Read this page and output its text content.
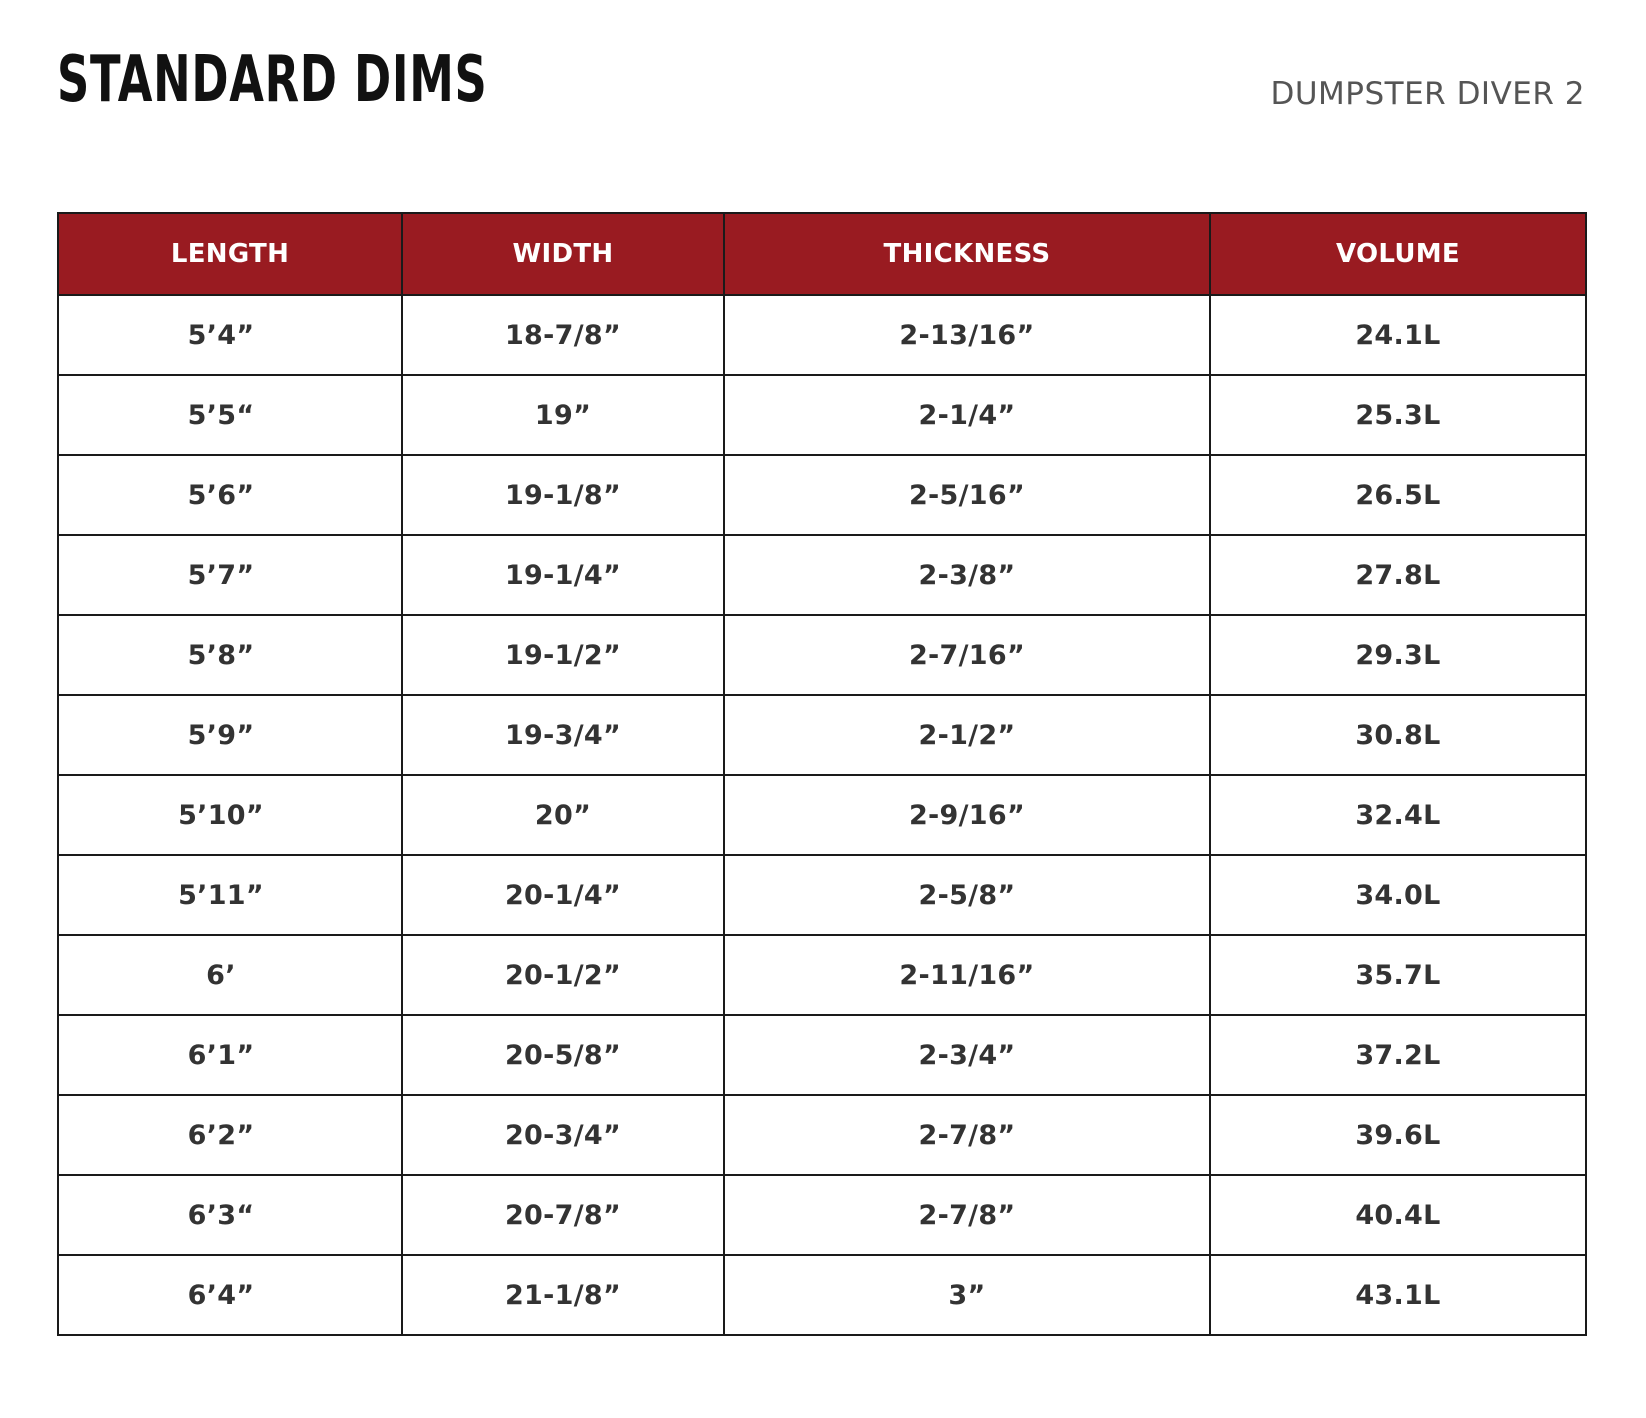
STANDARD DIMS	DUMPSTER DIVER 2
LENGTH	WIDTH	THICKNESS	VOLUME
5’4”	18-7/8”	2-13/16”	24.1L
5’5“	19”	2-1/4”	25.3L
5’6”	19-1/8”	2-5/16”	26.5L
5’7”	19-1/4”	2-3/8”	27.8L
5’8”	19-1/2”	2-7/16”	29.3L
5’9”	19-3/4”	2-1/2”	30.8L
5’10”	20”	2-9/16”	32.4L
5’11”	20-1/4”	2-5/8”	34.0L
6’	20-1/2”	2-11/16”	35.7L
6’1”	20-5/8”	2-3/4”	37.2L
6’2”	20-3/4”	2-7/8”	39.6L
6’3“	20-7/8”	2-7/8”	40.4L
6’4”	21-1/8”	3”	43.1L
